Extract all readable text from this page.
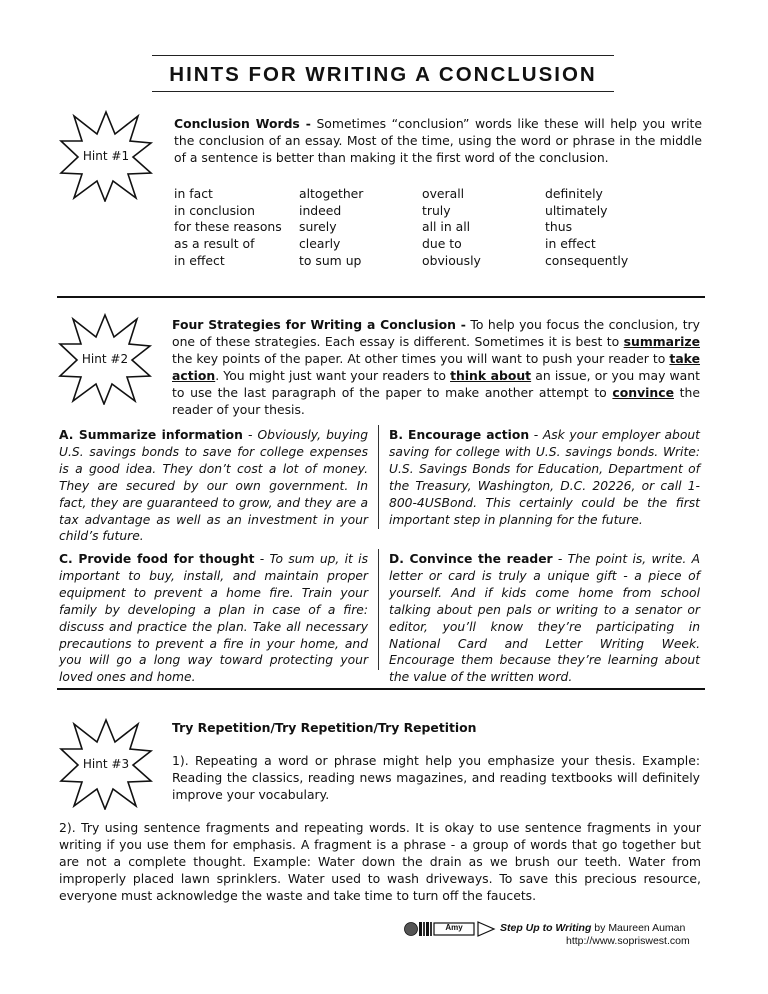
HINTS FOR WRITING A CONCLUSION
Hint #1
Conclusion Words - Sometimes “conclusion” words like these will help you write the conclusion of an essay. Most of the time, using the word or phrase in the middle of a sentence is better than making it the first word of the conclusion.
in fact
in conclusion
for these reasons
as a result of
in effect
altogether
indeed
surely
clearly
to sum up
overall
truly
all in all
due to
obviously
definitely
ultimately
thus
in effect
consequently
Hint #2
Four Strategies for Writing a Conclusion - To help you focus the conclusion, try one of these strategies. Each essay is different. Sometimes it is best to summarize the key points of the paper. At other times you will want to push your reader to take action. You might just want your readers to think about an issue, or you may want to use the last paragraph of the paper to make another attempt to convince the reader of your thesis.
A. Summarize information - Obviously, buying U.S. savings bonds to save for college expenses is a good idea. They don’t cost a lot of money. They are secured by our own government. In fact, they are guaranteed to grow, and they are a tax advantage as well as an investment in your child’s future.
B. Encourage action - Ask your employer about saving for college with U.S. savings bonds. Write: U.S. Savings Bonds for Education, Department of the Treasury, Washington, D.C. 20226, or call 1-800-4USBond. This certainly could be the first important step in planning for the future.
C. Provide food for thought - To sum up, it is important to buy, install, and maintain proper equipment to prevent a home fire. Train your family by developing a plan in case of a fire: discuss and practice the plan. Take all necessary precautions to prevent a fire in your home, and you will go a long way toward protecting your loved ones and home.
D. Convince the reader - The point is, write. A letter or card is truly a unique gift - a piece of yourself. And if kids come home from school talking about pen pals or writing to a senator or editor, you’ll know they’re participating in National Card and Letter Writing Week. Encourage them because they’re learning about the value of the written word.
Hint #3
Try Repetition/Try Repetition/Try Repetition
1). Repeating a word or phrase might help you emphasize your thesis. Example: Reading the classics, reading news magazines, and reading textbooks will definitely improve your vocabulary.
2). Try using sentence fragments and repeating words. It is okay to use sentence fragments in your writing if you use them for emphasis. A fragment is a phrase - a group of words that go together but are not a complete thought. Example: Water down the drain as we brush our teeth. Water from improperly placed lawn sprinklers. Water used to wash driveways. To save this precious resource, everyone must acknowledge the waste and take time to turn off the faucets.
Amy	Step Up to Writing by Maureen Auman
http://www.sopriswest.com
